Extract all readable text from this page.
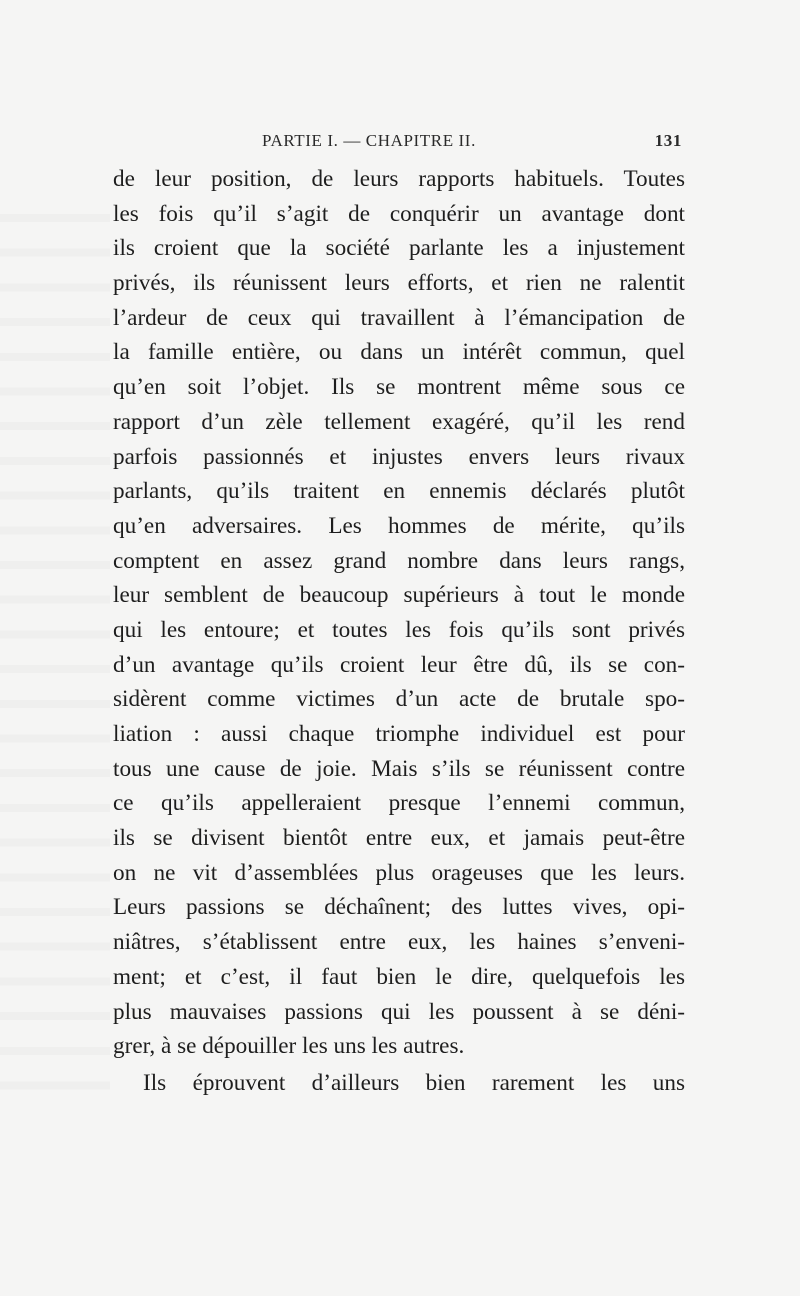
PARTIE I. — CHAPITRE II.	131
de leur position, de leurs rapports habituels. Toutes
les fois qu’il s’agit de conquérir un avantage dont
ils croient que la société parlante les a injustement
privés, ils réunissent leurs efforts, et rien ne ralentit
l’ardeur de ceux qui travaillent à l’émancipation de
la famille entière, ou dans un intérêt commun, quel
qu’en soit l’objet. Ils se montrent même sous ce
rapport d’un zèle tellement exagéré, qu’il les rend
parfois passionnés et injustes envers leurs rivaux
parlants, qu’ils traitent en ennemis déclarés plutôt
qu’en adversaires. Les hommes de mérite, qu’ils
comptent en assez grand nombre dans leurs rangs,
leur semblent de beaucoup supérieurs à tout le monde
qui les entoure; et toutes les fois qu’ils sont privés
d’un avantage qu’ils croient leur être dû, ils se con-
sidèrent comme victimes d’un acte de brutale spo-
liation : aussi chaque triomphe individuel est pour
tous une cause de joie. Mais s’ils se réunissent contre
ce qu’ils appelleraient presque l’ennemi commun,
ils se divisent bientôt entre eux, et jamais peut-être
on ne vit d’assemblées plus orageuses que les leurs.
Leurs passions se déchaînent; des luttes vives, opi-
niâtres, s’établissent entre eux, les haines s’enveni-
ment; et c’est, il faut bien le dire, quelquefois les
plus mauvaises passions qui les poussent à se déni-
grer, à se dépouiller les uns les autres.
Ils éprouvent d’ailleurs bien rarement les uns
